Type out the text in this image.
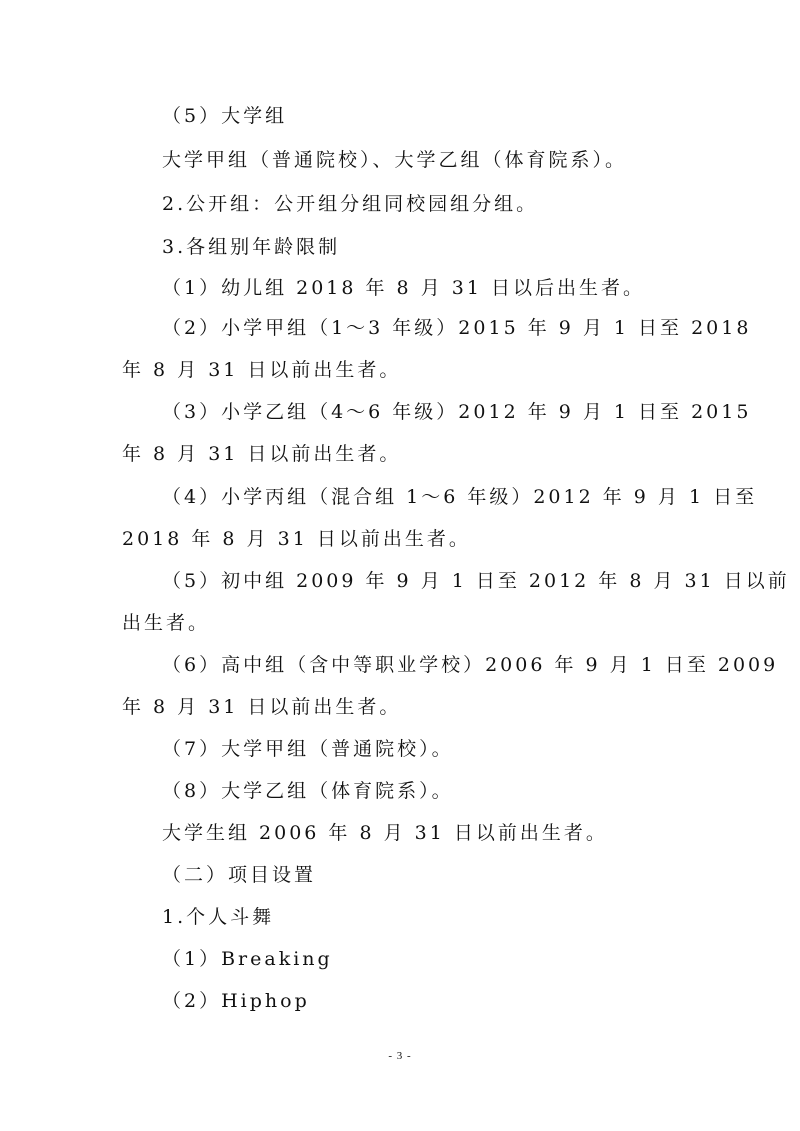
（5）大学组
大学甲组（普通院校）、大学乙组（体育院系）。
2.公开组：公开组分组同校园组分组。
3.各组别年龄限制
（1）幼儿组 2018 年 8 月 31 日以后出生者。
（2）小学甲组（1～3 年级）2015 年 9 月 1 日至 2018
年 8 月 31 日以前出生者。
（3）小学乙组（4～6 年级）2012 年 9 月 1 日至 2015
年 8 月 31 日以前出生者。
（4）小学丙组（混合组 1～6 年级）2012 年 9 月 1 日至
2018 年 8 月 31 日以前出生者。
（5）初中组 2009 年 9 月 1 日至 2012 年 8 月 31 日以前
出生者。
（6）高中组（含中等职业学校）2006 年 9 月 1 日至 2009
年 8 月 31 日以前出生者。
（7）大学甲组（普通院校）。
（8）大学乙组（体育院系）。
大学生组 2006 年 8 月 31 日以前出生者。
（二）项目设置
1.个人斗舞
（1）Breaking
（2）Hiphop
- 3 -
